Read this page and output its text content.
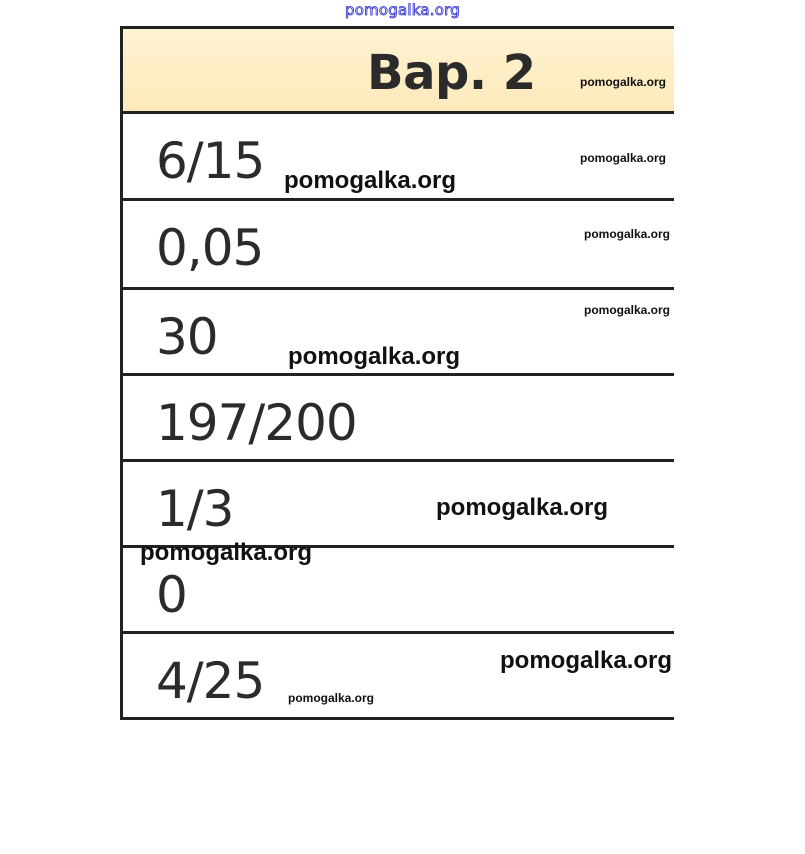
pomogalka.org
Вар. 2
6/15
0,05
30
197/200
1/3
0
4/25
pomogalka.org
pomogalka.org
pomogalka.org
pomogalka.org
pomogalka.org
pomogalka.org
pomogalka.org
pomogalka.org
pomogalka.org
pomogalka.org
